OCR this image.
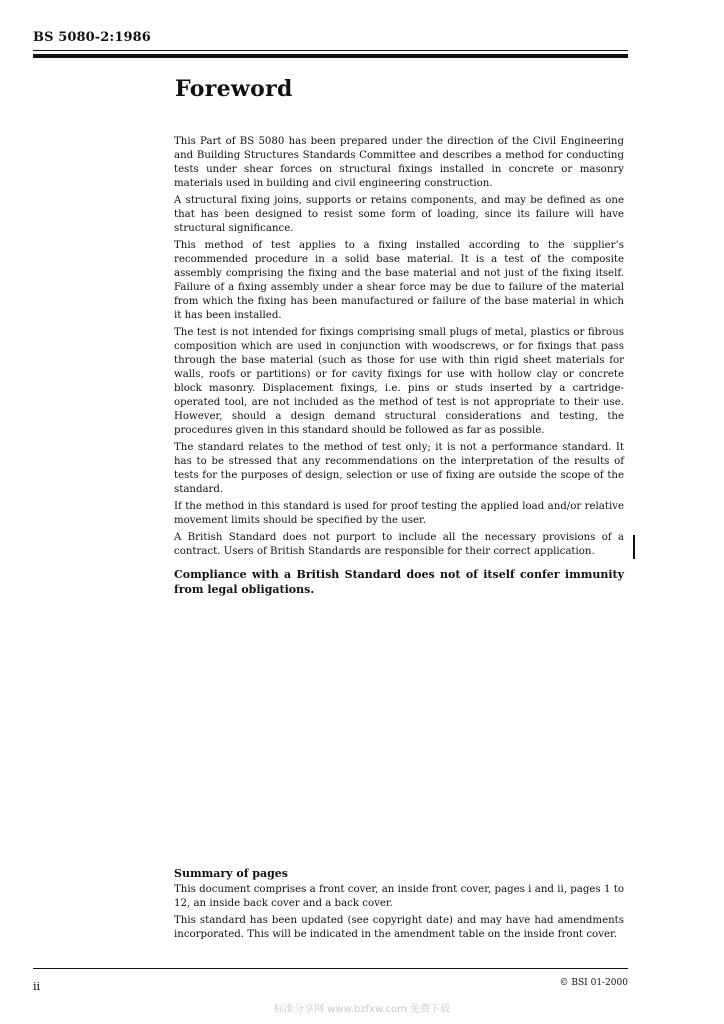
BS 5080-2:1986
Foreword

This Part of BS 5080 has been prepared under the direction of the Civil Engineering and Building Structures Standards Committee and describes a method for conducting tests under shear forces on structural fixings installed in concrete or masonry materials used in building and civil engineering construction.

A structural fixing joins, supports or retains components, and may be defined as one that has been designed to resist some form of loading, since its failure will have structural significance.

This method of test applies to a fixing installed according to the supplier’s recommended procedure in a solid base material. It is a test of the composite assembly comprising the fixing and the base material and not just of the fixing itself. Failure of a fixing assembly under a shear force may be due to failure of the material from which the fixing has been manufactured or failure of the base material in which it has been installed.

The test is not intended for fixings comprising small plugs of metal, plastics or fibrous composition which are used in conjunction with woodscrews, or for fixings that pass through the base material (such as those for use with thin rigid sheet materials for walls, roofs or partitions) or for cavity fixings for use with hollow clay or concrete block masonry. Displacement fixings, i.e. pins or studs inserted by a cartridge-operated tool, are not included as the method of test is not appropriate to their use. However, should a design demand structural considerations and testing, the procedures given in this standard should be followed as far as possible.

The standard relates to the method of test only; it is not a performance standard. It has to be stressed that any recommendations on the interpretation of the results of tests for the purposes of design, selection or use of fixing are outside the scope of the standard.

If the method in this standard is used for proof testing the applied load and/or relative movement limits should be specified by the user.

A British Standard does not purport to include all the necessary provisions of a contract. Users of British Standards are responsible for their correct application.

Compliance with a British Standard does not of itself confer immunity from legal obligations.

Summary of pages

This document comprises a front cover, an inside front cover, pages i and ii, pages 1 to 12, an inside back cover and a back cover.

This standard has been updated (see copyright date) and may have had amendments incorporated. This will be indicated in the amendment table on the inside front cover.

ii	© BSI 01-2000
标准分享网 www.bzfxw.com 免费下载
